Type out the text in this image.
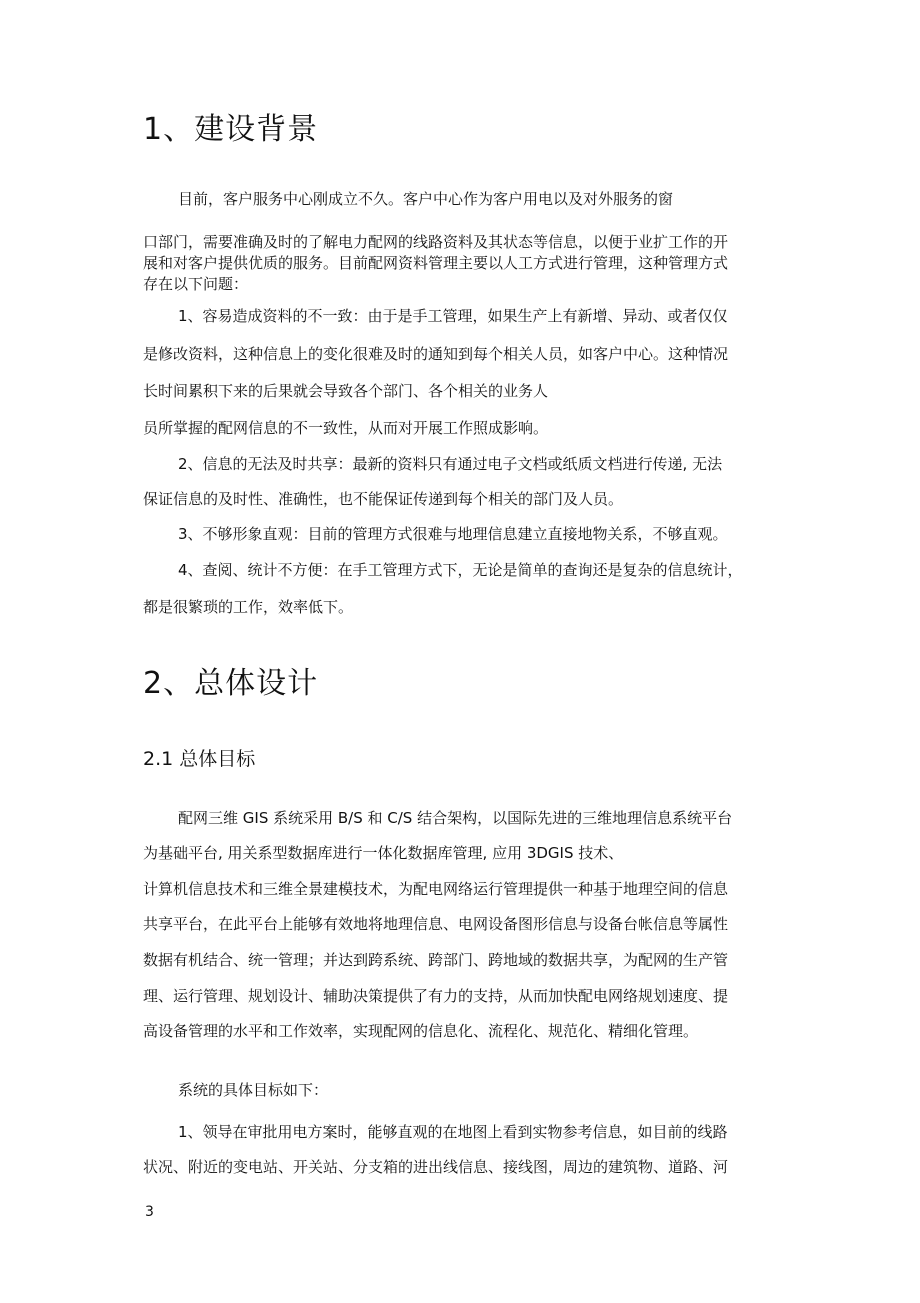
1、建设背景
目前，客户服务中心刚成立不久。客户中心作为客户用电以及对外服务的窗
口部门，需要准确及时的了解电力配网的线路资料及其状态等信息，以便于业扩工作的开
展和对客户提供优质的服务。目前配网资料管理主要以人工方式进行管理，这种管理方式
存在以下问题：
1、容易造成资料的不一致：由于是手工管理，如果生产上有新增、异动、或者仅仅
是修改资料，这种信息上的变化很难及时的通知到每个相关人员，如客户中心。这种情况
长时间累积下来的后果就会导致各个部门、各个相关的业务人
员所掌握的配网信息的不一致性，从而对开展工作照成影响。
2、信息的无法及时共享：最新的资料只有通过电子文档或纸质文档进行传递, 无法
保证信息的及时性、准确性，也不能保证传递到每个相关的部门及人员。
3、不够形象直观：目前的管理方式很难与地理信息建立直接地物关系，不够直观。
4、查阅、统计不方便：在手工管理方式下，无论是简单的查询还是复杂的信息统计，
都是很繁琐的工作，效率低下。
2、总体设计
2.1 总体目标
配网三维 GIS 系统采用 B/S 和 C/S 结合架构，以国际先进的三维地理信息系统平台
为基础平台, 用关系型数据库进行一体化数据库管理, 应用 3DGIS 技术、
计算机信息技术和三维全景建模技术，为配电网络运行管理提供一种基于地理空间的信息
共享平台，在此平台上能够有效地将地理信息、电网设备图形信息与设备台帐信息等属性
数据有机结合、统一管理；并达到跨系统、跨部门、跨地域的数据共享，为配网的生产管
理、运行管理、规划设计、辅助决策提供了有力的支持，从而加快配电网络规划速度、提
高设备管理的水平和工作效率，实现配网的信息化、流程化、规范化、精细化管理。
系统的具体目标如下：
1、领导在审批用电方案时，能够直观的在地图上看到实物参考信息，如目前的线路
状况、附近的变电站、开关站、分支箱的进出线信息、接线图，周边的建筑物、道路、河
3
